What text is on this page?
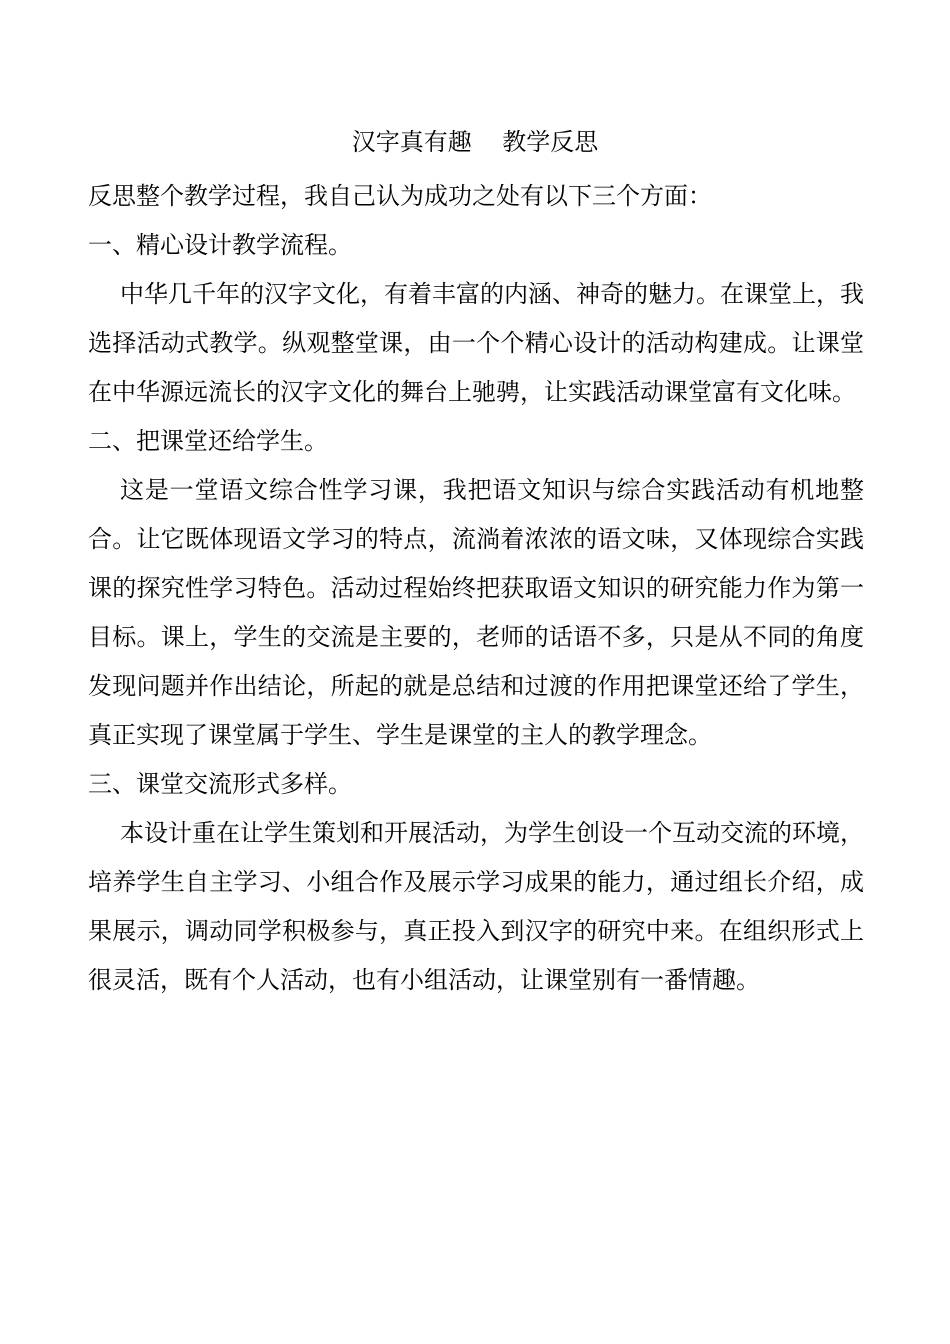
汉字真有趣    教学反思

反思整个教学过程，我自己认为成功之处有以下三个方面：

一、精心设计教学流程。

中华几千年的汉字文化，有着丰富的内涵、神奇的魅力。在课堂上，我选择活动式教学。纵观整堂课，由一个个精心设计的活动构建成。让课堂在中华源远流长的汉字文化的舞台上驰骋，让实践活动课堂富有文化味。

二、把课堂还给学生。

这是一堂语文综合性学习课，我把语文知识与综合实践活动有机地整合。让它既体现语文学习的特点，流淌着浓浓的语文味，又体现综合实践课的探究性学习特色。活动过程始终把获取语文知识的研究能力作为第一目标。课上，学生的交流是主要的，老师的话语不多，只是从不同的角度发现问题并作出结论，所起的就是总结和过渡的作用把课堂还给了学生，真正实现了课堂属于学生、学生是课堂的主人的教学理念。

三、课堂交流形式多样。

本设计重在让学生策划和开展活动，为学生创设一个互动交流的环境，培养学生自主学习、小组合作及展示学习成果的能力，通过组长介绍，成果展示，调动同学积极参与，真正投入到汉字的研究中来。在组织形式上很灵活，既有个人活动，也有小组活动，让课堂别有一番情趣。
